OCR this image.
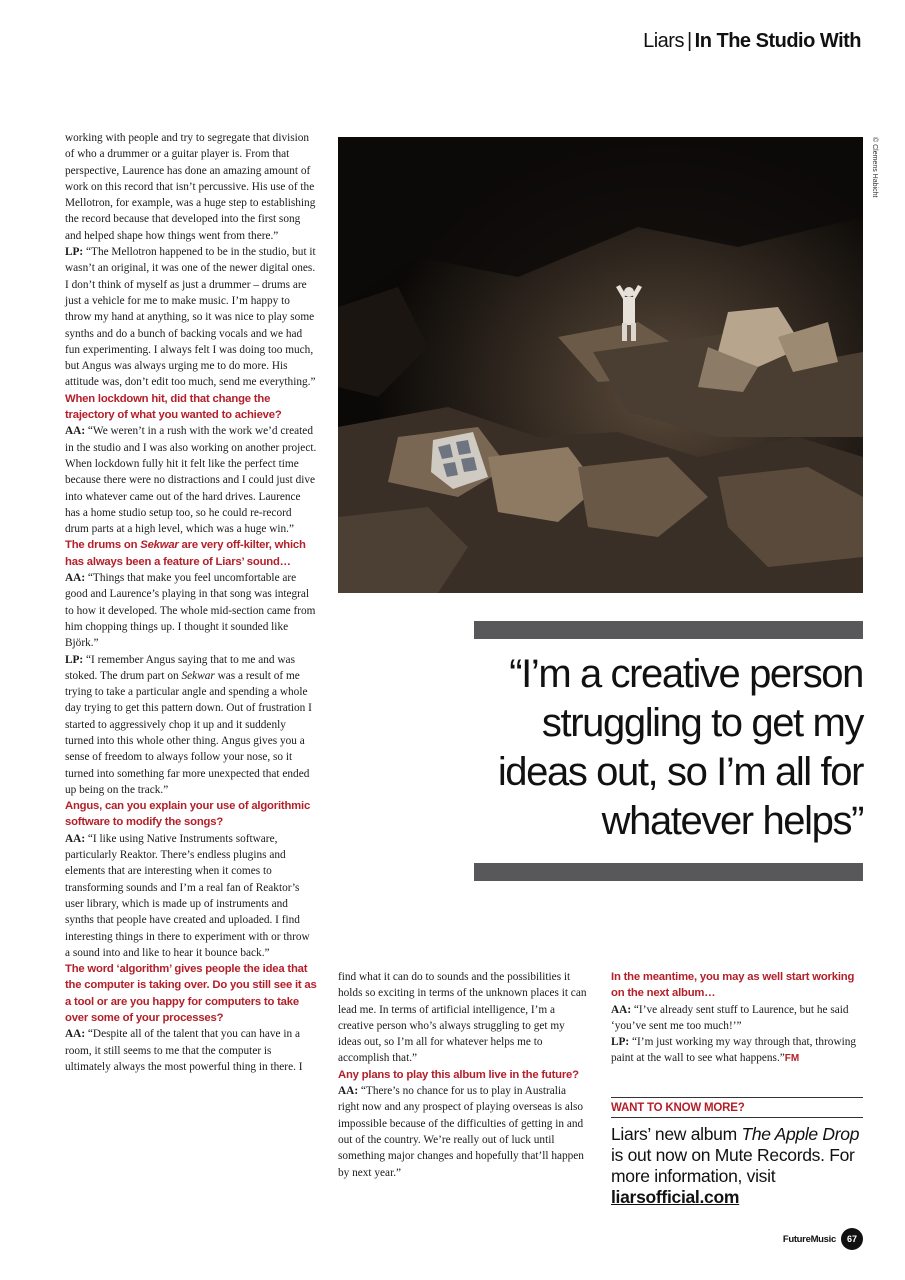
Liars | In The Studio With

working with people and try to segregate that division of who a drummer or a guitar player is. From that perspective, Laurence has done an amazing amount of work on this record that isn’t percussive. His use of the Mellotron, for example, was a huge step to establishing the record because that developed into the first song and helped shape how things went from there.”

LP: “The Mellotron happened to be in the studio, but it wasn’t an original, it was one of the newer digital ones. I don’t think of myself as just a drummer – drums are just a vehicle for me to make music. I’m happy to throw my hand at anything, so it was nice to play some synths and do a bunch of backing vocals and we had fun experimenting. I always felt I was doing too much, but Angus was always urging me to do more. His attitude was, don’t edit too much, send me everything.”

When lockdown hit, did that change the trajectory of what you wanted to achieve?

AA: “We weren’t in a rush with the work we’d created in the studio and I was also working on another project. When lockdown fully hit it felt like the perfect time because there were no distractions and I could just dive into whatever came out of the hard drives. Laurence has a home studio setup too, so he could re-record drum parts at a high level, which was a huge win.”

The drums on Sekwar are very off-kilter, which has always been a feature of Liars’ sound…

AA: “Things that make you feel uncomfortable are good and Laurence’s playing in that song was integral to how it developed. The whole mid-section came from him chopping things up. I thought it sounded like Björk.”

LP: “I remember Angus saying that to me and was stoked. The drum part on Sekwar was a result of me trying to take a particular angle and spending a whole day trying to get this pattern down. Out of frustration I started to aggressively chop it up and it suddenly turned into this whole other thing. Angus gives you a sense of freedom to always follow your nose, so it turned into something far more unexpected that ended up being on the track.”

Angus, can you explain your use of algorithmic software to modify the songs?

AA: “I like using Native Instruments software, particularly Reaktor. There’s endless plugins and elements that are interesting when it comes to transforming sounds and I’m a real fan of Reaktor’s user library, which is made up of instruments and synths that people have created and uploaded. I find interesting things in there to experiment with or throw a sound into and like to hear it bounce back.”

The word ‘algorithm’ gives people the idea that the computer is taking over. Do you still see it as a tool or are you happy for computers to take over some of your processes?

AA: “Despite all of the talent that you can have in a room, it still seems to me that the computer is ultimately always the most powerful thing in there. I

© Clemens Habicht
“I’m a creative person struggling to get my ideas out, so I’m all for whatever helps”

find what it can do to sounds and the possibilities it holds so exciting in terms of the unknown places it can lead me. In terms of artificial intelligence, I’m a creative person who’s always struggling to get my ideas out, so I’m all for whatever helps me to accomplish that.”

Any plans to play this album live in the future?

AA: “There’s no chance for us to play in Australia right now and any prospect of playing overseas is also impossible because of the difficulties of getting in and out of the country. We’re really out of luck until something major changes and hopefully that’ll happen by next year.”

In the meantime, you may as well start working on the next album…

AA: “I’ve already sent stuff to Laurence, but he said ‘you’ve sent me too much!’”

LP: “I’m just working my way through that, throwing paint at the wall to see what happens.”FM

WANT TO KNOW MORE?
Liars’ new album The Apple Drop is out now on Mute Records. For more information, visit liarsofficial.com
FutureMusic	67
